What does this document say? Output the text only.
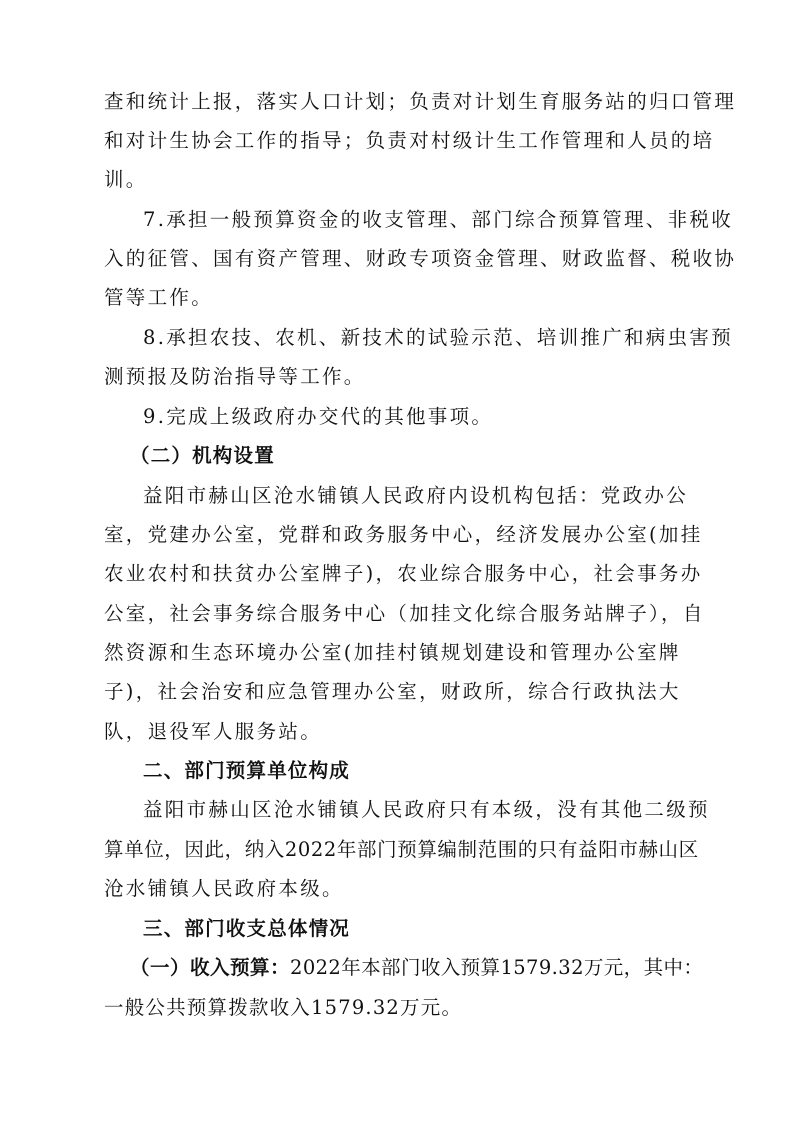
查和统计上报，落实人口计划；负责对计划生育服务站的归口管理
和对计生协会工作的指导；负责对村级计生工作管理和人员的培
训。
7.承担一般预算资金的收支管理、部门综合预算管理、非税收
入的征管、国有资产管理、财政专项资金管理、财政监督、税收协
管等工作。
8.承担农技、农机、新技术的试验示范、培训推广和病虫害预
测预报及防治指导等工作。
9.完成上级政府办交代的其他事项。
（二）机构设置
益阳市赫山区沧水铺镇人民政府内设机构包括：党政办公
室，党建办公室，党群和政务服务中心，经济发展办公室(加挂
农业农村和扶贫办公室牌子)，农业综合服务中心，社会事务办
公室，社会事务综合服务中心（加挂文化综合服务站牌子），自
然资源和生态环境办公室(加挂村镇规划建设和管理办公室牌
子)，社会治安和应急管理办公室，财政所，综合行政执法大
队，退役军人服务站。
二、部门预算单位构成
益阳市赫山区沧水铺镇人民政府只有本级，没有其他二级预
算单位，因此，纳入2022年部门预算编制范围的只有益阳市赫山区
沧水铺镇人民政府本级。
三、部门收支总体情况
（一）收入预算：2022年本部门收入预算1579.32万元，其中：
一般公共预算拨款收入1579.32万元。
